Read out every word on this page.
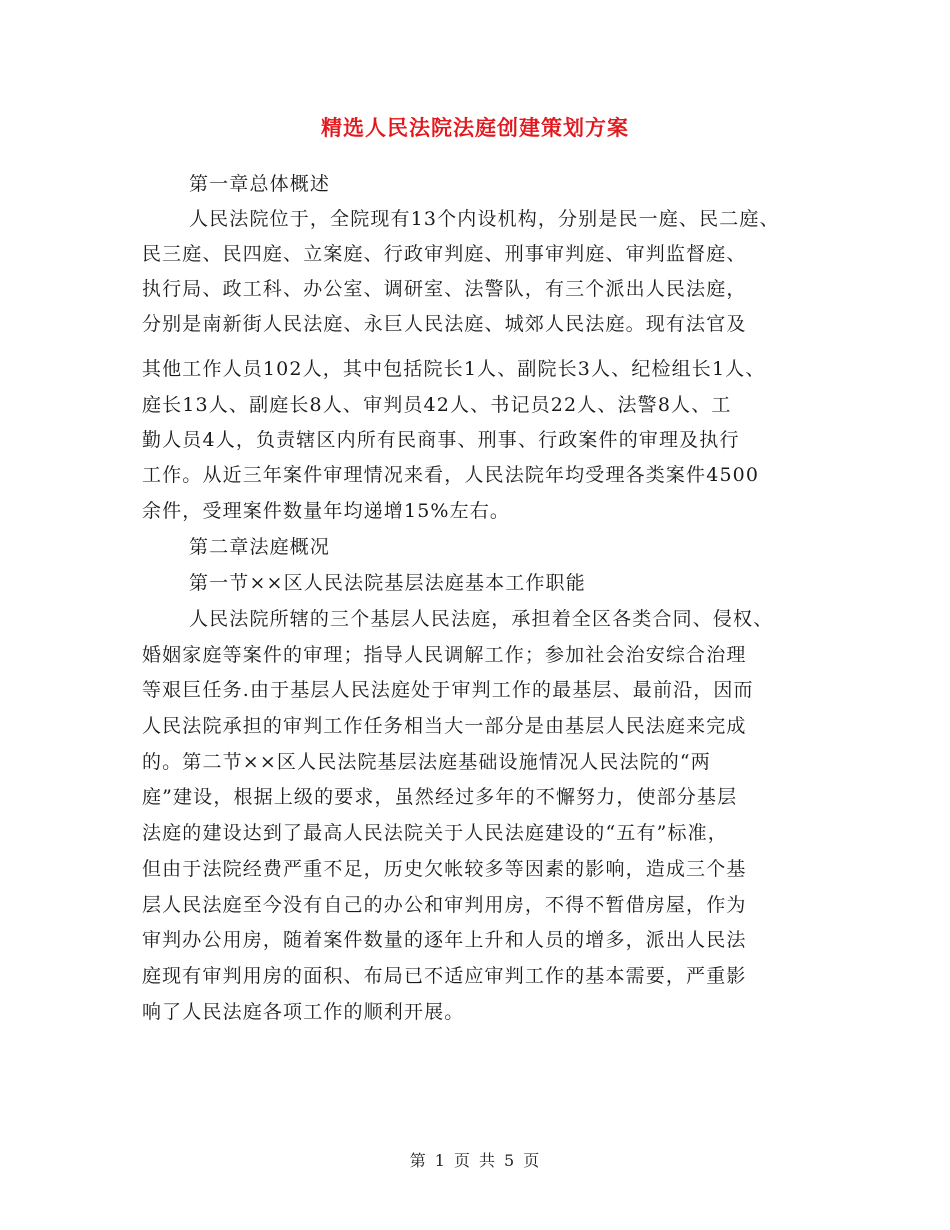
精选人民法院法庭创建策划方案
第一章总体概述
人民法院位于，全院现有13个内设机构，分别是民一庭、民二庭、
民三庭、民四庭、立案庭、行政审判庭、刑事审判庭、审判监督庭、
执行局、政工科、办公室、调研室、法警队，有三个派出人民法庭，
分别是南新街人民法庭、永巨人民法庭、城郊人民法庭。现有法官及
其他工作人员102人，其中包括院长1人、副院长3人、纪检组长1人、
庭长13人、副庭长8人、审判员42人、书记员22人、法警8人、工
勤人员4人，负责辖区内所有民商事、刑事、行政案件的审理及执行
工作。从近三年案件审理情况来看，人民法院年均受理各类案件4500
余件，受理案件数量年均递增15%左右。
第二章法庭概况
第一节××区人民法院基层法庭基本工作职能
人民法院所辖的三个基层人民法庭，承担着全区各类合同、侵权、
婚姻家庭等案件的审理；指导人民调解工作；参加社会治安综合治理
等艰巨任务.由于基层人民法庭处于审判工作的最基层、最前沿，因而
人民法院承担的审判工作任务相当大一部分是由基层人民法庭来完成
的。第二节××区人民法院基层法庭基础设施情况人民法院的“两
庭”建设，根据上级的要求，虽然经过多年的不懈努力，使部分基层
法庭的建设达到了最高人民法院关于人民法庭建设的“五有”标准，
但由于法院经费严重不足，历史欠帐较多等因素的影响，造成三个基
层人民法庭至今没有自己的办公和审判用房，不得不暂借房屋，作为
审判办公用房，随着案件数量的逐年上升和人员的增多，派出人民法
庭现有审判用房的面积、布局已不适应审判工作的基本需要，严重影
响了人民法庭各项工作的顺利开展。
第 1 页 共 5 页
